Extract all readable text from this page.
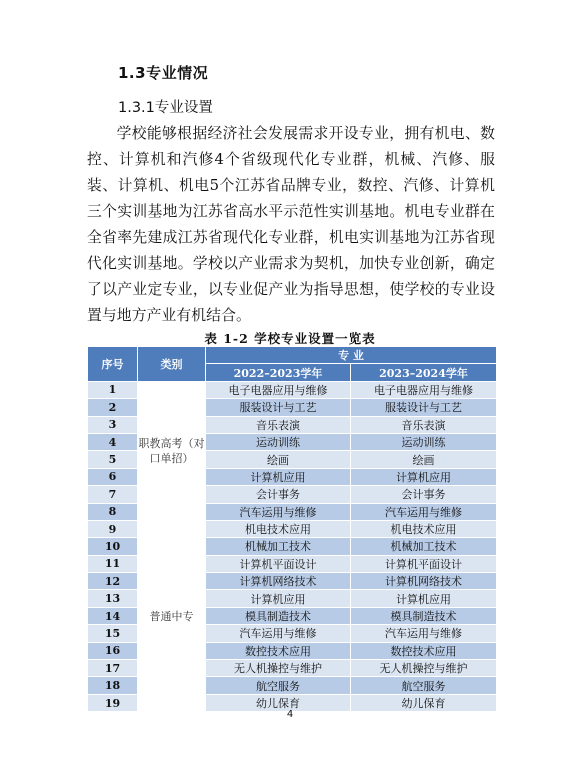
1.3专业情况
1.3.1专业设置
学校能够根据经济社会发展需求开设专业，拥有机电、数控、计算机和汽修4个省级现代化专业群，机械、汽修、服装、计算机、机电5个江苏省品牌专业，数控、汽修、计算机三个实训基地为江苏省高水平示范性实训基地。机电专业群在全省率先建成江苏省现代化专业群，机电实训基地为江苏省现代化实训基地。学校以产业需求为契机，加快专业创新，确定了以产业定专业，以专业促产业为指导思想，使学校的专业设置与地方产业有机结合。
表 1-2 学校专业设置一览表
序号	类别	专 业	
		2022–2023学年	2023–2024学年
1	职教高考（对口单招）	电子电器应用与维修	电子电器应用与维修
2		服装设计与工艺	服装设计与工艺
3		音乐表演	音乐表演
4		运动训练	运动训练
5		绘画	绘画
6		计算机应用	计算机应用
7		会计事务	会计事务
8		汽车运用与维修	汽车运用与维修
9	普通中专	机电技术应用	机电技术应用
10		机械加工技术	机械加工技术
11		计算机平面设计	计算机平面设计
12		计算机网络技术	计算机网络技术
13		计算机应用	计算机应用
14		模具制造技术	模具制造技术
15		汽车运用与维修	汽车运用与维修
16		数控技术应用	数控技术应用
17		无人机操控与维护	无人机操控与维护
18		航空服务	航空服务
19		幼儿保育	幼儿保育
4
